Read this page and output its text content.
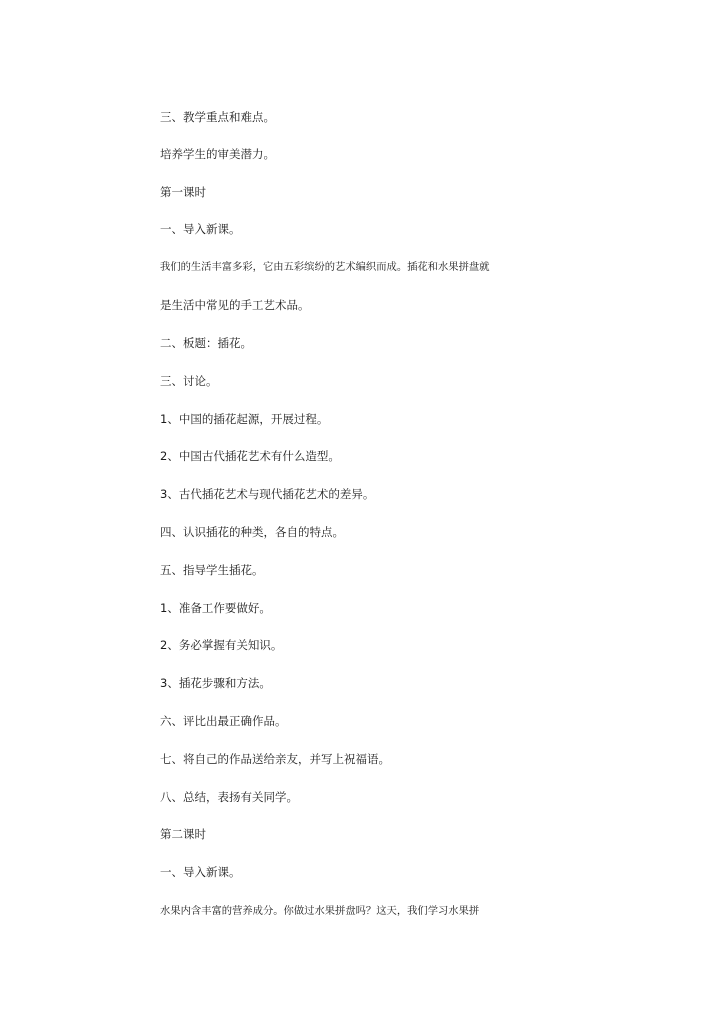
三、教学重点和难点。
培养学生的审美潜力。
第一课时
一、导入新课。
我们的生活丰富多彩，它由五彩缤纷的艺术编织而成。插花和水果拼盘就
是生活中常见的手工艺术品。
二、板题：插花。
三、讨论。
1、中国的插花起源，开展过程。
2、中国古代插花艺术有什么造型。
3、古代插花艺术与现代插花艺术的差异。
四、认识插花的种类，各自的特点。
五、指导学生插花。
1、准备工作要做好。
2、务必掌握有关知识。
3、插花步骤和方法。
六、评比出最正确作品。
七、将自己的作品送给亲友，并写上祝福语。
八、总结，表扬有关同学。
第二课时
一、导入新课。
水果内含丰富的营养成分。你做过水果拼盘吗？这天，我们学习水果拼
